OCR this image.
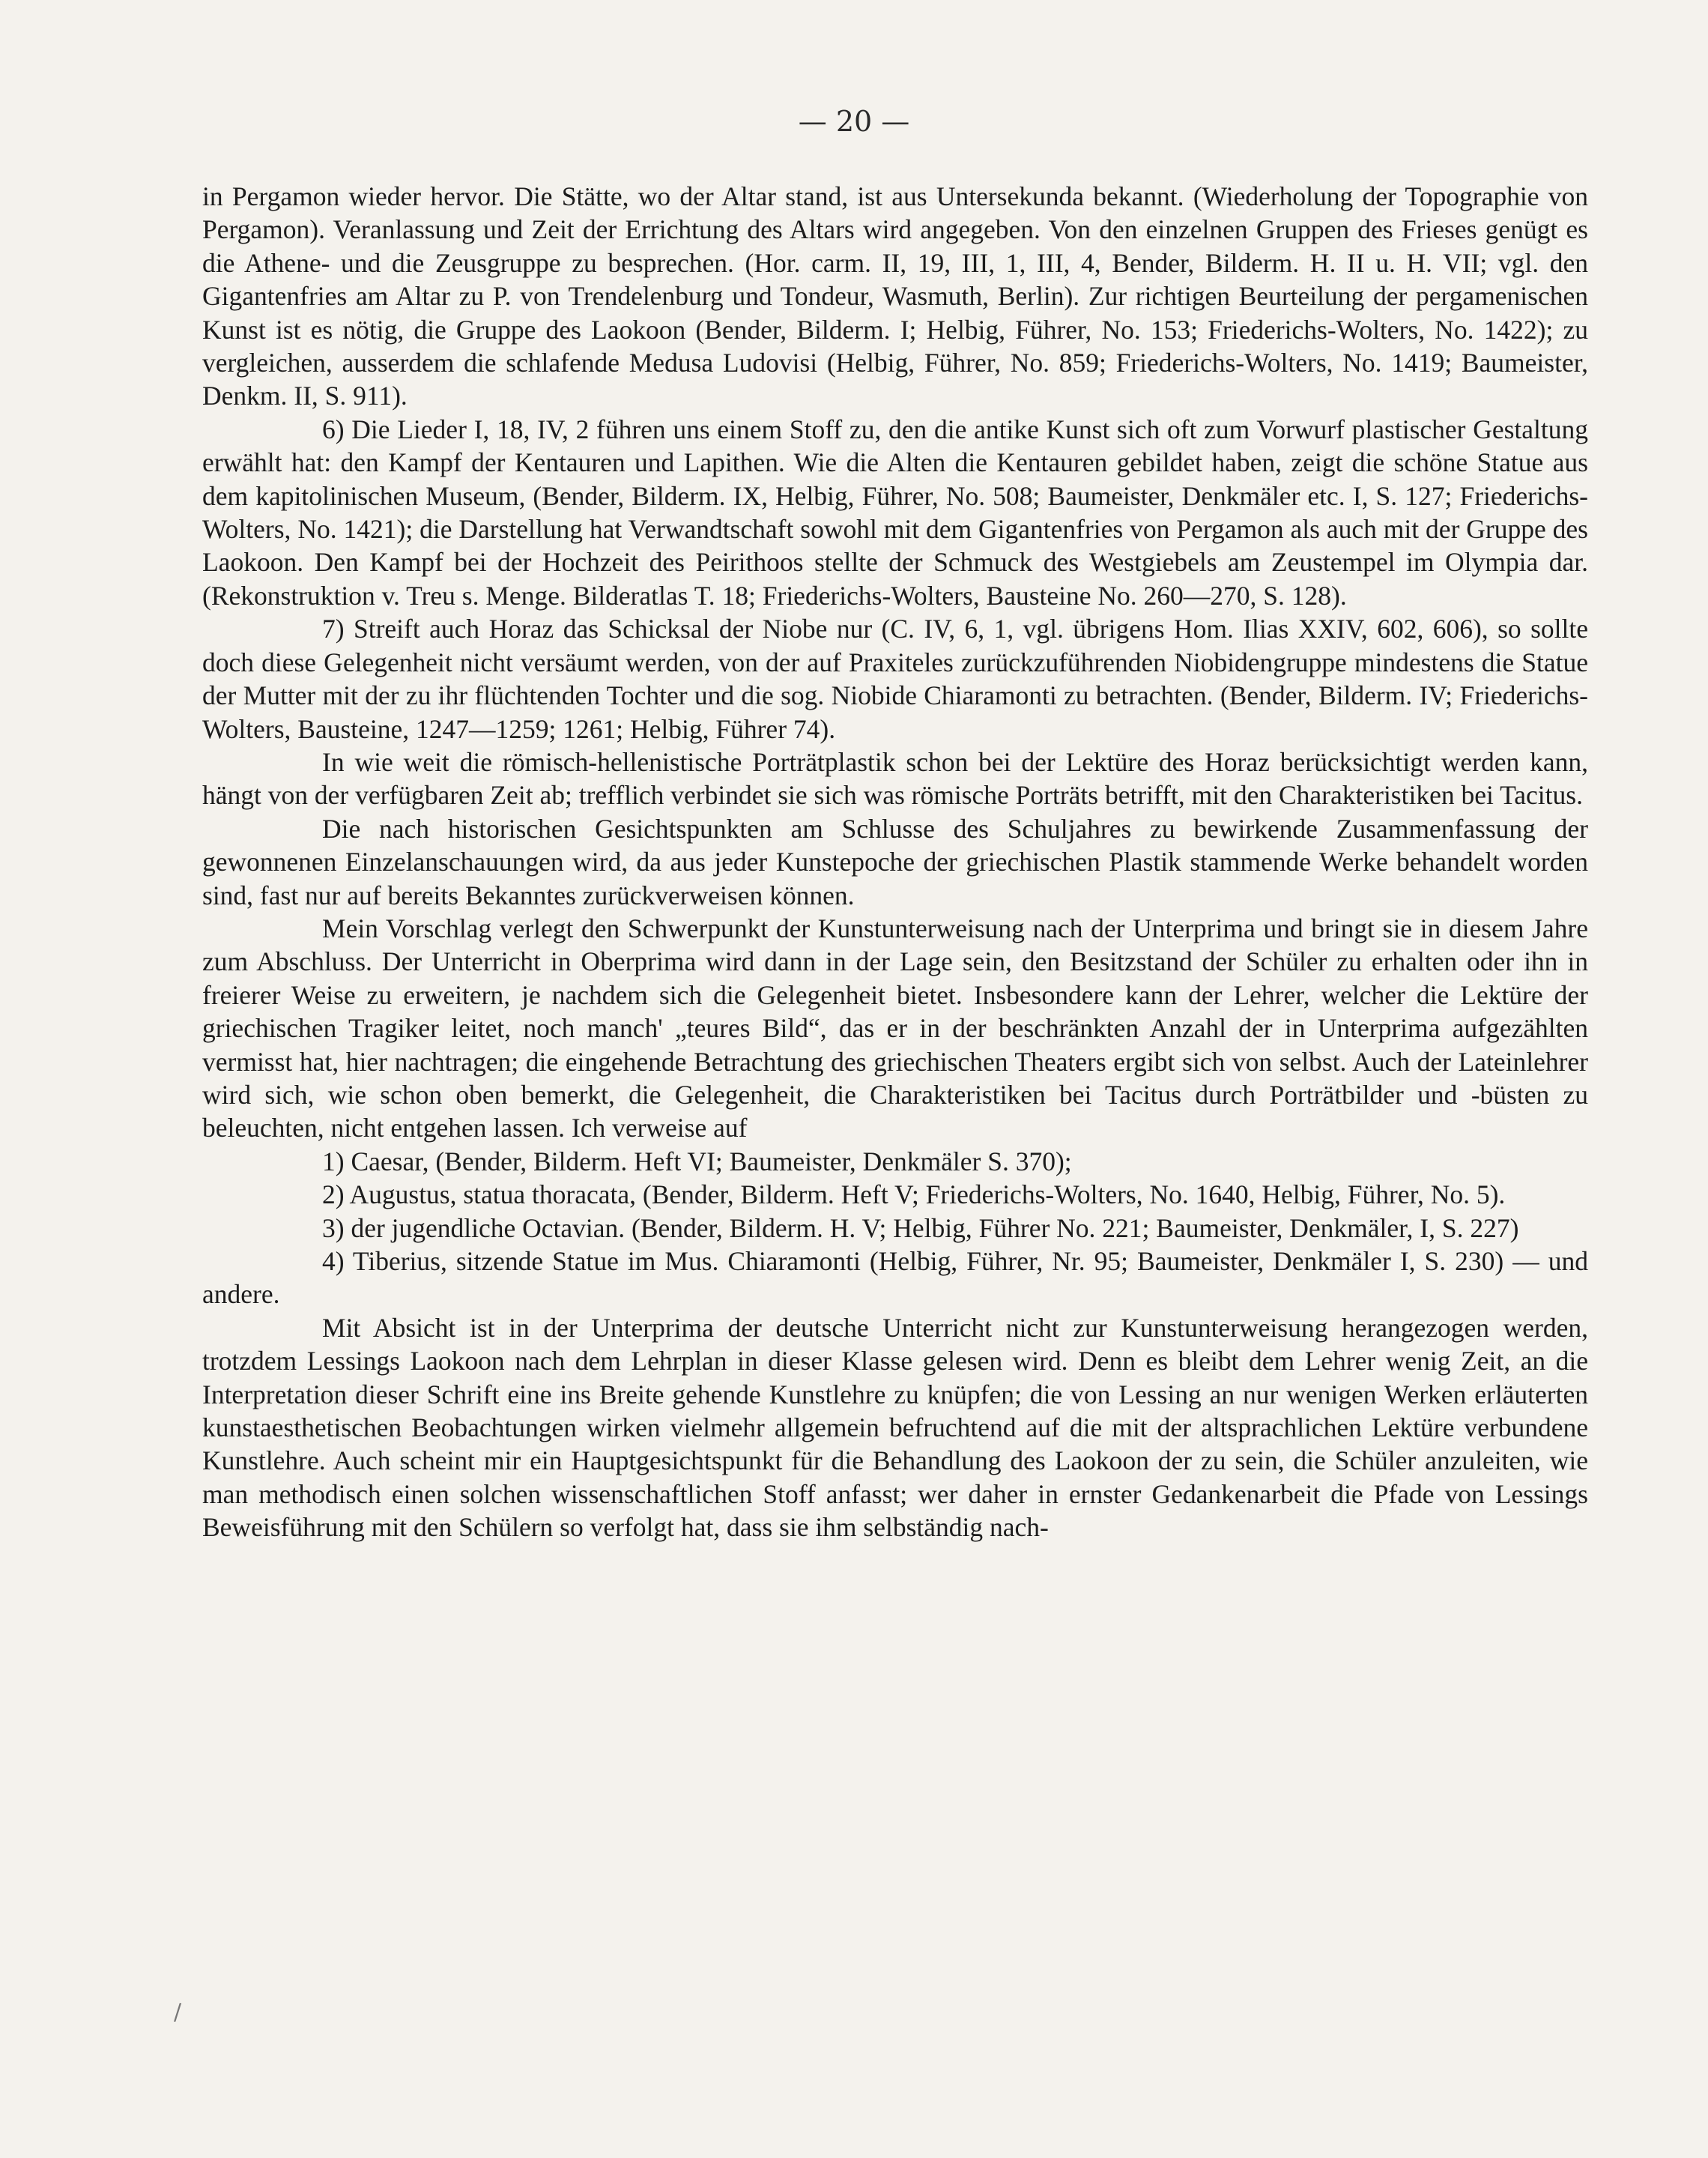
— 20 —

in Pergamon wieder hervor. Die Stätte, wo der Altar stand, ist aus Untersekunda bekannt. (Wiederholung der Topographie von Pergamon). Veranlassung und Zeit der Errichtung des Altars wird angegeben. Von den einzelnen Gruppen des Frieses genügt es die Athene- und die Zeusgruppe zu besprechen. (Hor. carm. II, 19, III, 1, III, 4, Bender, Bilderm. H. II u. H. VII; vgl. den Gigantenfries am Altar zu P. von Trendelenburg und Tondeur, Wasmuth, Berlin). Zur richtigen Beurteilung der pergamenischen Kunst ist es nötig, die Gruppe des Laokoon (Bender, Bilderm. I; Helbig, Führer, No. 153; Friederichs-Wolters, No. 1422); zu vergleichen, ausserdem die schlafende Medusa Ludovisi (Helbig, Führer, No. 859; Friederichs-Wolters, No. 1419; Baumeister, Denkm. II, S. 911).

6) Die Lieder I, 18, IV, 2 führen uns einem Stoff zu, den die antike Kunst sich oft zum Vorwurf plastischer Gestaltung erwählt hat: den Kampf der Kentauren und Lapithen. Wie die Alten die Kentauren gebildet haben, zeigt die schöne Statue aus dem kapitolinischen Museum, (Bender, Bilderm. IX, Helbig, Führer, No. 508; Baumeister, Denkmäler etc. I, S. 127; Friederichs-Wolters, No. 1421); die Darstellung hat Verwandtschaft sowohl mit dem Gigantenfries von Pergamon als auch mit der Gruppe des Laokoon. Den Kampf bei der Hochzeit des Peirithoos stellte der Schmuck des Westgiebels am Zeustempel im Olympia dar. (Rekonstruktion v. Treu s. Menge. Bilderatlas T. 18; Friederichs-Wolters, Bausteine No. 260—270, S. 128).

7) Streift auch Horaz das Schicksal der Niobe nur (C. IV, 6, 1, vgl. übrigens Hom. Ilias XXIV, 602, 606), so sollte doch diese Gelegenheit nicht versäumt werden, von der auf Praxiteles zurückzuführenden Niobidengruppe mindestens die Statue der Mutter mit der zu ihr flüchtenden Tochter und die sog. Niobide Chiaramonti zu betrachten. (Bender, Bilderm. IV; Friederichs-Wolters, Bausteine, 1247—1259; 1261; Helbig, Führer 74).

In wie weit die römisch-hellenistische Porträtplastik schon bei der Lektüre des Horaz berücksichtigt werden kann, hängt von der verfügbaren Zeit ab; trefflich verbindet sie sich was römische Porträts betrifft, mit den Charakteristiken bei Tacitus.

Die nach historischen Gesichtspunkten am Schlusse des Schuljahres zu bewirkende Zusammenfassung der gewonnenen Einzelanschauungen wird, da aus jeder Kunstepoche der griechischen Plastik stammende Werke behandelt worden sind, fast nur auf bereits Bekanntes zurückverweisen können.

Mein Vorschlag verlegt den Schwerpunkt der Kunstunterweisung nach der Unterprima und bringt sie in diesem Jahre zum Abschluss. Der Unterricht in Oberprima wird dann in der Lage sein, den Besitzstand der Schüler zu erhalten oder ihn in freierer Weise zu erweitern, je nachdem sich die Gelegenheit bietet. Insbesondere kann der Lehrer, welcher die Lektüre der griechischen Tragiker leitet, noch manch' „teures Bild“, das er in der beschränkten Anzahl der in Unterprima aufgezählten vermisst hat, hier nachtragen; die eingehende Betrachtung des griechischen Theaters ergibt sich von selbst. Auch der Lateinlehrer wird sich, wie schon oben bemerkt, die Gelegenheit, die Charakteristiken bei Tacitus durch Porträtbilder und -büsten zu beleuchten, nicht entgehen lassen. Ich verweise auf

1) Caesar, (Bender, Bilderm. Heft VI; Baumeister, Denkmäler S. 370);

2) Augustus, statua thoracata, (Bender, Bilderm. Heft V; Friederichs-Wolters, No. 1640, Helbig, Führer, No. 5).

3) der jugendliche Octavian. (Bender, Bilderm. H. V; Helbig, Führer No. 221; Baumeister, Denkmäler, I, S. 227)

4) Tiberius, sitzende Statue im Mus. Chiaramonti (Helbig, Führer, Nr. 95; Baumeister, Denkmäler I, S. 230) — und andere.

Mit Absicht ist in der Unterprima der deutsche Unterricht nicht zur Kunstunterweisung herangezogen werden, trotzdem Lessings Laokoon nach dem Lehrplan in dieser Klasse gelesen wird. Denn es bleibt dem Lehrer wenig Zeit, an die Interpretation dieser Schrift eine ins Breite gehende Kunstlehre zu knüpfen; die von Lessing an nur wenigen Werken erläuterten kunstaesthetischen Beobachtungen wirken vielmehr allgemein befruchtend auf die mit der altsprachlichen Lektüre verbundene Kunstlehre. Auch scheint mir ein Hauptgesichtspunkt für die Behandlung des Laokoon der zu sein, die Schüler anzuleiten, wie man methodisch einen solchen wissenschaftlichen Stoff anfasst; wer daher in ernster Gedankenarbeit die Pfade von Lessings Beweisführung mit den Schülern so verfolgt hat, dass sie ihm selbständig nach-

/
